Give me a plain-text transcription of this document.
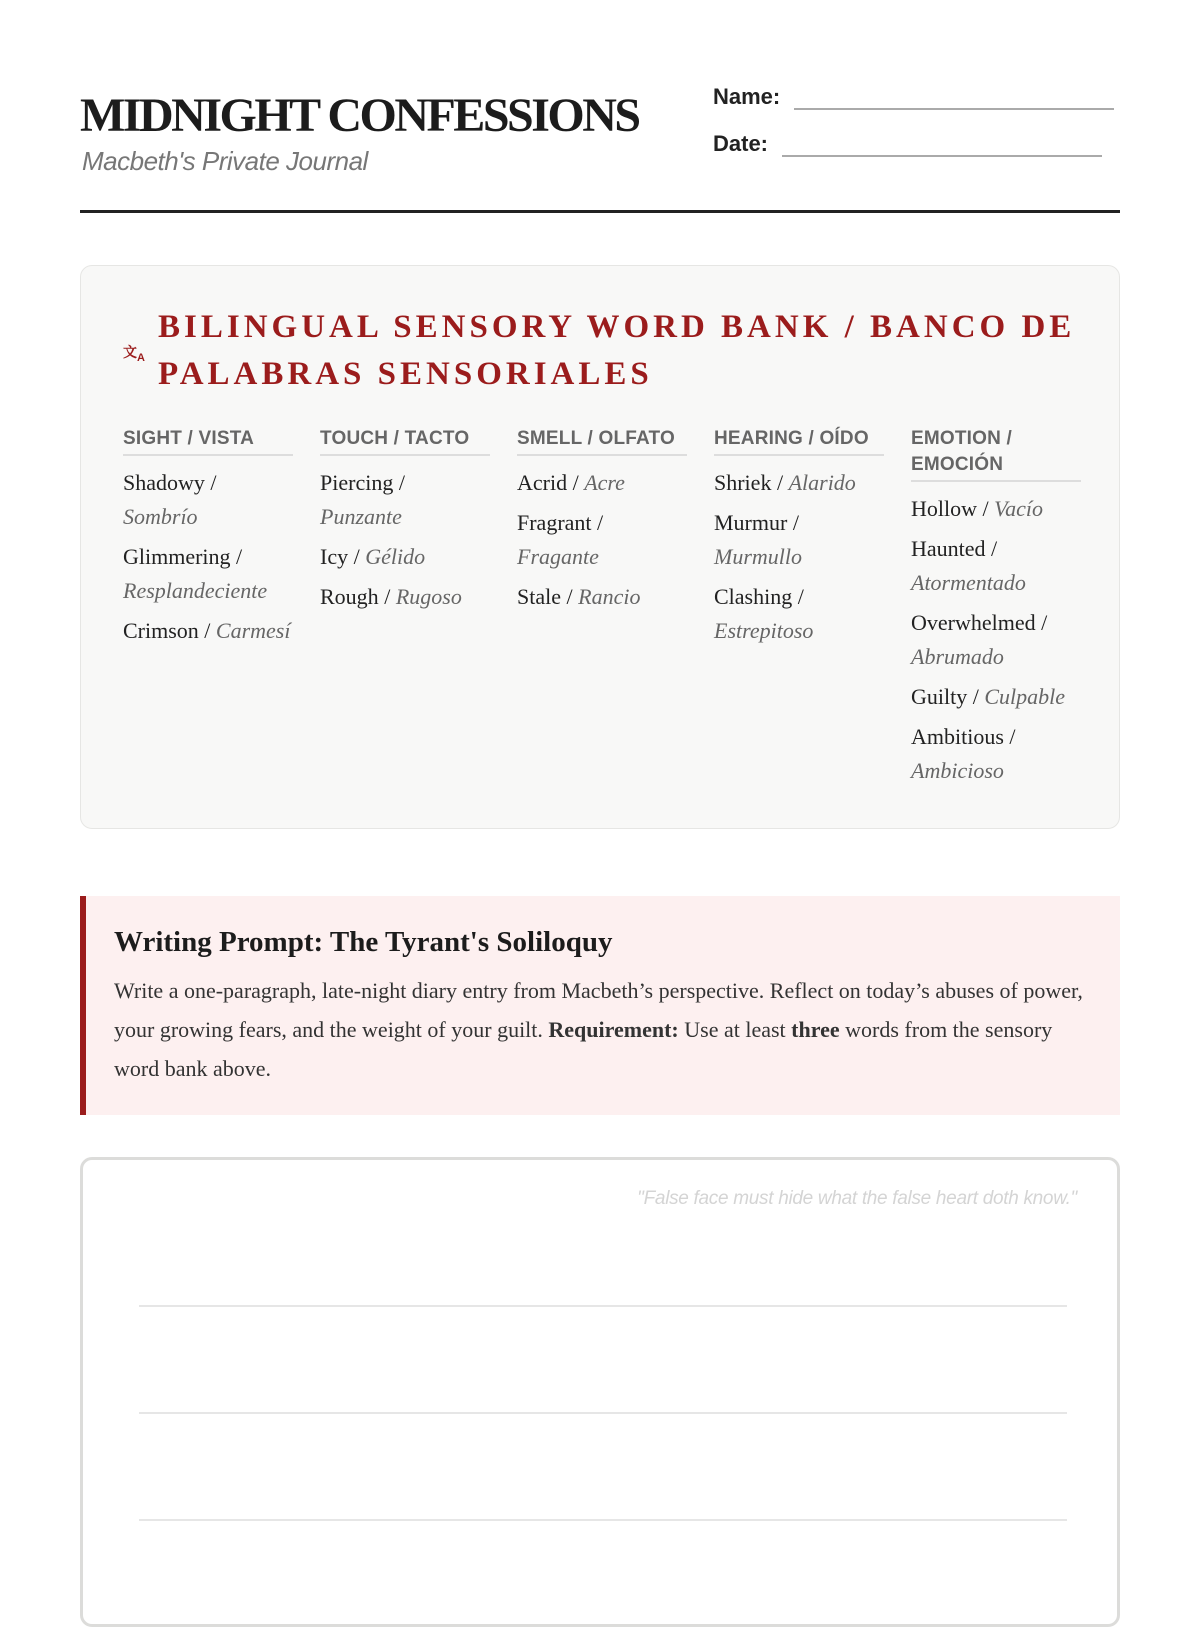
MIDNIGHT CONFESSIONS
Macbeth's Private Journal
Name:
Date:
文$_A$
BILINGUAL SENSORY WORD BANK / BANCO DE PALABRAS SENSORIALES
SIGHT / VISTA
Shadowy / Sombrío
Glimmering / Resplandeciente
Crimson / Carmesí
TOUCH / TACTO
Piercing / Punzante
Icy / Gélido
Rough / Rugoso
SMELL / OLFATO
Acrid / Acre
Fragrant / Fragante
Stale / Rancio
HEARING / OÍDO
Shriek / Alarido
Murmur / Murmullo
Clashing / Estrepitoso
EMOTION / EMOCIÓN
Hollow / Vacío
Haunted / Atormentado
Overwhelmed / Abrumado
Guilty / Culpable
Ambitious / Ambicioso
Writing Prompt: The Tyrant's Soliloquy

Write a one-paragraph, late-night diary entry from Macbeth’s perspective. Reflect on today’s abuses of power, your growing fears, and the weight of your guilt. Requirement: Use at least three words from the sensory word bank above.

"False face must hide what the false heart doth know."
